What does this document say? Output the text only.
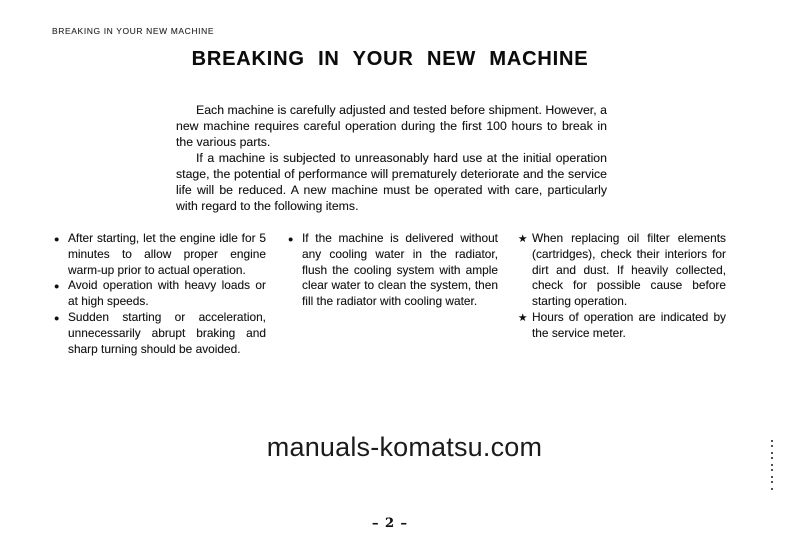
BREAKING IN YOUR NEW MACHINE
BREAKING IN YOUR NEW MACHINE

Each machine is carefully adjusted and tested before shipment. However, a new machine requires careful operation during the first 100 hours to break in the various parts.

If a machine is subjected to unreasonably hard use at the initial operation stage, the potential of performance will prematurely deteriorate and the service life will be reduced. A new machine must be operated with care, particularly with regard to the following items.

● After starting, let the engine idle for 5 minutes to allow proper engine warm-up prior to actual operation.
● Avoid operation with heavy loads or at high speeds.
● Sudden starting or acceleration, unnecessarily abrupt braking and sharp turning should be avoided.
● If the machine is delivered without any cooling water in the radiator, flush the cooling system with ample clear water to clean the system, then fill the radiator with cooling water.
★ When replacing oil filter elements (cartridges), check their interiors for dirt and dust. If heavily collected, check for possible cause before starting operation.
★ Hours of operation are indicated by the service meter.
manuals-komatsu.com
– 2 –
